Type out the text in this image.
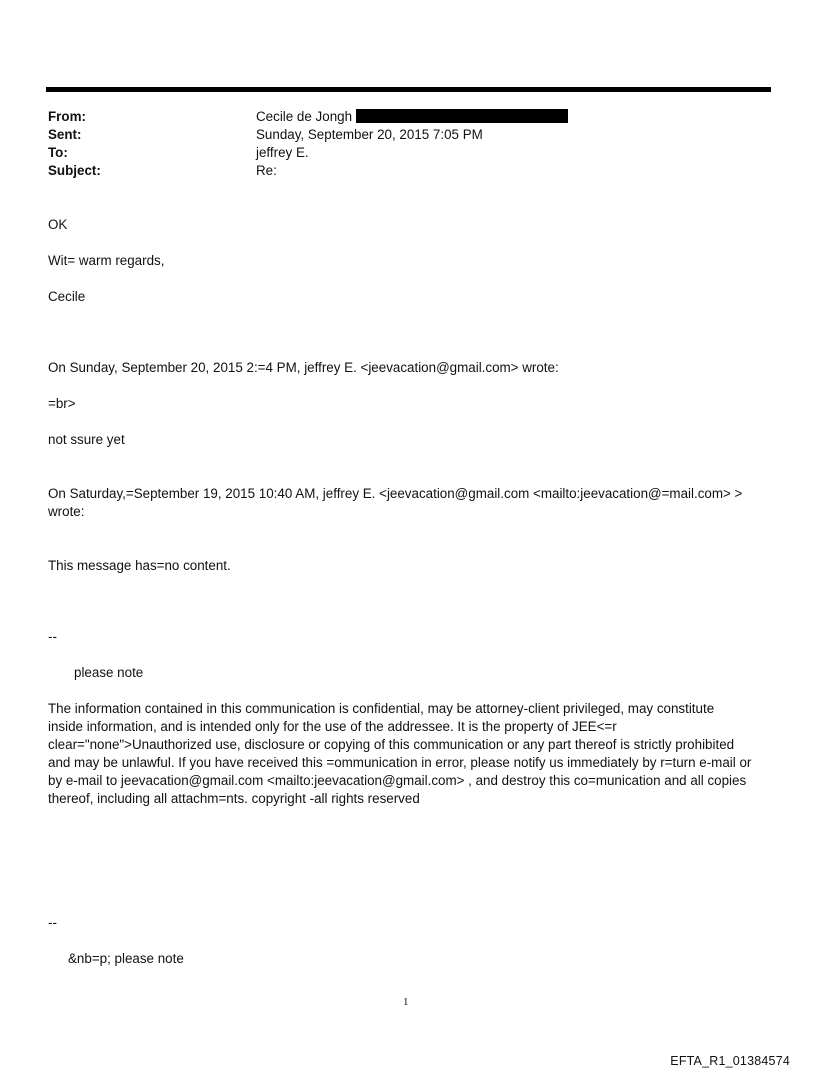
From:	Cecile de Jongh
Sent:	Sunday, September 20, 2015 7:05 PM
To:	jeffrey E.
Subject:	Re:
OK
Wit= warm regards,
Cecile
On Sunday, September 20, 2015 2:=4 PM, jeffrey E. <jeevacation@gmail.com> wrote:
=br>
not ssure yet
On Saturday,=September 19, 2015 10:40 AM, jeffrey E. <jeevacation@gmail.com <mailto:jeevacation@=mail.com> >
wrote:
This message has=no content.
--
please note
The information contained in this communication is confidential, may be attorney-client privileged, may constitute
inside information, and is intended only for the use of the addressee. It is the property of JEE<=r
clear="none">Unauthorized use, disclosure or copying of this communication or any part thereof is strictly prohibited
and may be unlawful. If you have received this =ommunication in error, please notify us immediately by r=turn e-mail or
by e-mail to jeevacation@gmail.com <mailto:jeevacation@gmail.com> , and destroy this co=munication and all copies
thereof, including all attachm=nts. copyright -all rights reserved
--
&nb=p; please note
1
EFTA_R1_01384574
